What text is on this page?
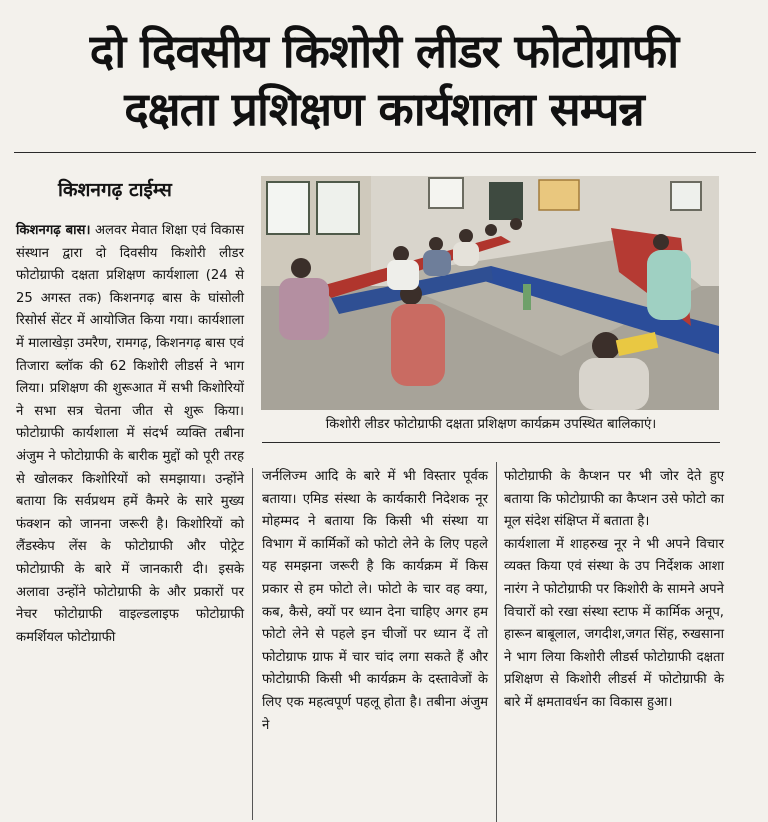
दो दिवसीय किशोरी लीडर फोटोग्राफी
दक्षता प्रशिक्षण कार्यशाला सम्पन्न
किशनगढ़ टाईम्स

किशनगढ़ बास। अलवर मेवात शिक्षा एवं विकास संस्थान द्वारा दो दिवसीय किशोरी लीडर फोटोग्राफी दक्षता प्रशिक्षण कार्यशाला (24 से 25 अगस्त तक) किशनगढ़ बास के घांसोली रिसोर्स सेंटर में आयोजित किया गया। कार्यशाला में मालाखेड़ा उमरैण, रामगढ़, किशनगढ़ बास एवं तिजारा ब्लॉक की 62 किशोरी लीडर्स ने भाग लिया। प्रशिक्षण की शुरूआत में सभी किशोरियों ने सभा सत्र चेतना जीत से शुरू किया। फोटोग्राफी कार्यशाला में संदर्भ व्यक्ति तबीना अंजुम ने फोटोग्राफी के बारीक मुद्दों को पूरी तरह से खोलकर किशोरियों को समझाया। उन्होंने बताया कि सर्वप्रथम हमें कैमरे के सारे मुख्य फंक्शन को जानना जरूरी है। किशोरियों को लैंडस्केप लेंस के फोटोग्राफी और पोट्रेट फोटोग्राफी के बारे में जानकारी दी। इसके अलावा उन्होंने फोटोग्राफी के और प्रकारों पर नेचर फोटोग्राफी वाइल्डलाइफ फोटोग्राफी कमर्शियल फोटोग्राफी

किशोरी लीडर फोटोग्राफी दक्षता प्रशिक्षण कार्यक्रम उपस्थित बालिकाएं।

जर्नलिज्म आदि के बारे में भी विस्तार पूर्वक बताया। एमिड संस्था के कार्यकारी निदेशक नूर मोहम्मद ने बताया कि किसी भी संस्था या विभाग में कार्मिकों को फोटो लेने के लिए पहले यह समझना जरूरी है कि कार्यक्रम में किस प्रकार से हम फोटो ले। फोटो के चार वह क्या, कब, कैसे, क्यों पर ध्यान देना चाहिए अगर हम फोटो लेने से पहले इन चीजों पर ध्यान दें तो फोटोग्राफ ग्राफ में चार चांद लगा सकते हैं और फोटोग्राफी किसी भी कार्यक्रम के दस्तावेजों के लिए एक महत्वपूर्ण पहलू होता है। तबीना अंजुम ने

फोटोग्राफी के कैप्शन पर भी जोर देते हुए बताया कि फोटोग्राफी का कैप्शन उसे फोटो का मूल संदेश संक्षिप्त में बताता है।

कार्यशाला में शाहरुख नूर ने भी अपने विचार व्यक्त किया एवं संस्था के उप निर्देशक आशा नारंग ने फोटोग्राफी पर किशोरी के सामने अपने विचारों को रखा संस्था स्टाफ में कार्मिक अनूप, हारून बाबूलाल, जगदीश,जगत सिंह, रुखसाना ने भाग लिया किशोरी लीडर्स फोटोग्राफी दक्षता प्रशिक्षण से किशोरी लीडर्स में फोटोग्राफी के बारे में क्षमतावर्धन का विकास हुआ।
